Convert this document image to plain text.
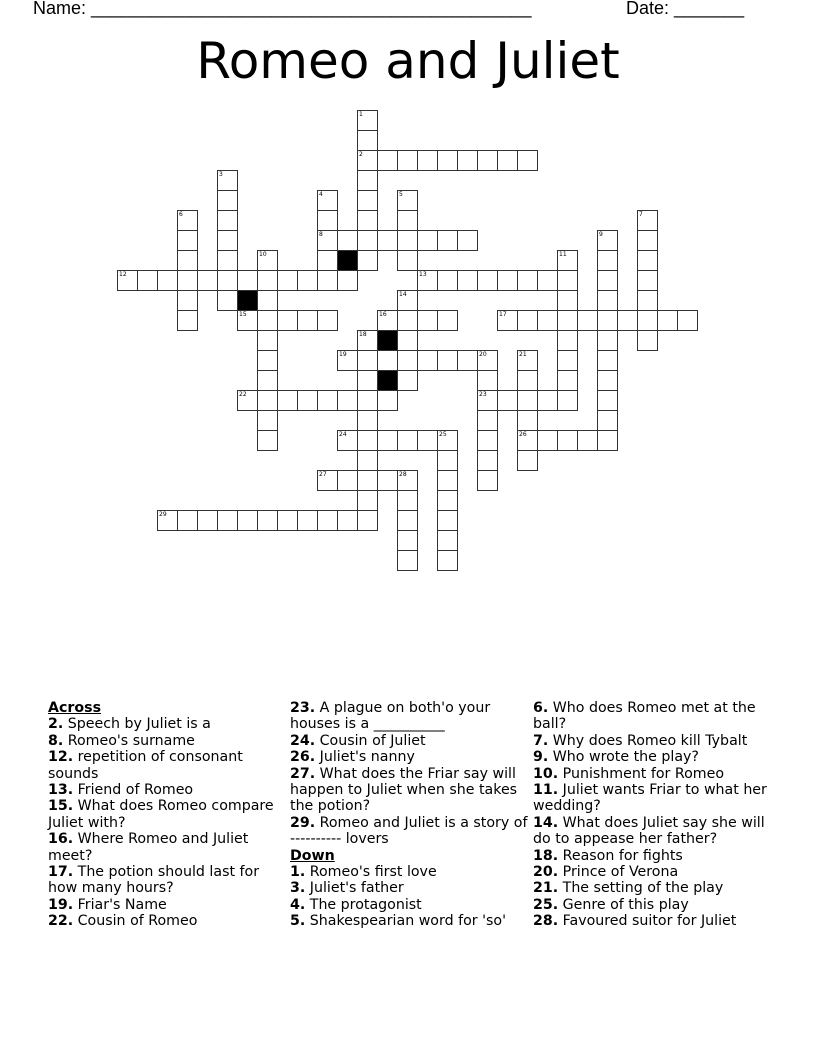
Name: ____________________________________________	Date: _______
Romeo and Juliet
2
8
12	13
15	16	17
19	20
22	23
24	25	26
27	28
29
1
3
4	5
6	7
9
10	11
14
18
21
Across
2. Speech by Juliet is a
8. Romeo's surname
12. repetition of consonant sounds
13. Friend of Romeo
15. What does Romeo compare Juliet with?
16. Where Romeo and Juliet meet?
17. The potion should last for how many hours?
19. Friar's Name
22. Cousin of Romeo
23. A plague on both'o your houses is a __________
24. Cousin of Juliet
26. Juliet's nanny
27. What does the Friar say will happen to Juliet when she takes the potion?
29. Romeo and Juliet is a story of ---------- lovers
Down
1. Romeo's first love
3. Juliet's father
4. The protagonist
5. Shakespearian word for 'so'
6. Who does Romeo met at the ball?
7. Why does Romeo kill Tybalt
9. Who wrote the play?
10. Punishment for Romeo
11. Juliet wants Friar to what her wedding?
14. What does Juliet say she will do to appease her father?
18. Reason for fights
20. Prince of Verona
21. The setting of the play
25. Genre of this play
28. Favoured suitor for Juliet
